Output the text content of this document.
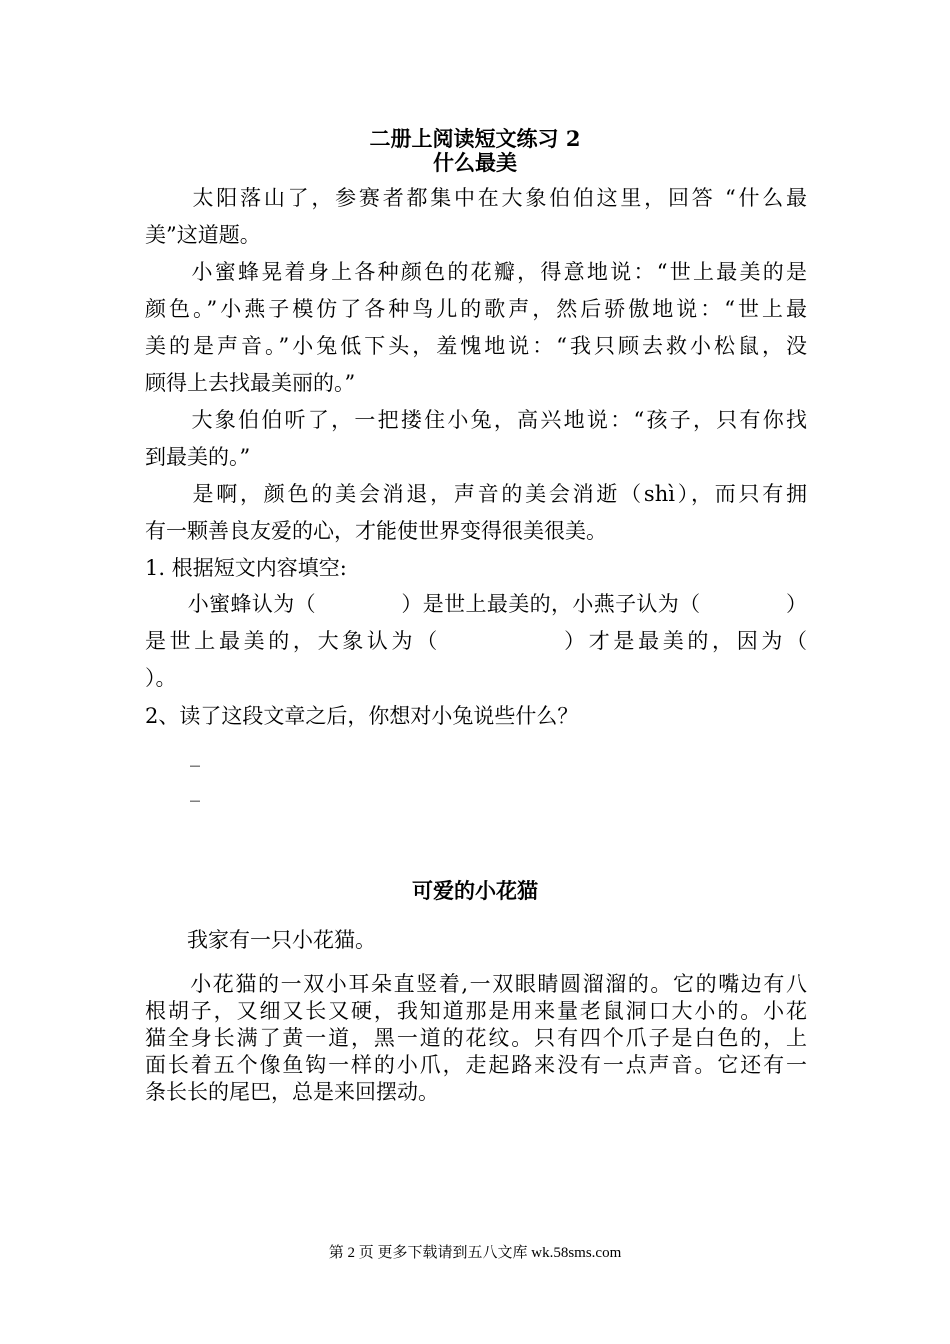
二册上阅读短文练习 2
什么最美
　　太阳落山了，参赛者都集中在大象伯伯这里，回答 “什么最
美”这道题。
　　小蜜蜂晃着身上各种颜色的花瓣，得意地说：“世上最美的是
颜色。”小燕子模仿了各种鸟儿的歌声，然后骄傲地说：“世上最
美的是声音。”小兔低下头，羞愧地说：“我只顾去救小松鼠，没
顾得上去找最美丽的。”
　　大象伯伯听了，一把搂住小兔，高兴地说：“孩子，只有你找
到最美的。”
　　是啊，颜色的美会消退，声音的美会消逝（shì），而只有拥
有一颗善良友爱的心，才能使世界变得很美很美。
1. 根据短文内容填空:
　　小蜜蜂认为（　　　　）是世上最美的，小燕子认为（　　　　）
是世上最美的，大象认为（　　　　　）才是最美的，因为（
）。
2、读了这段文章之后，你想对小兔说些什么？
_
_
可爱的小花猫
　　我家有一只小花猫。
　　小花猫的一双小耳朵直竖着,一双眼睛圆溜溜的。它的嘴边有八
根胡子，又细又长又硬，我知道那是用来量老鼠洞口大小的。小花
猫全身长满了黄一道，黑一道的花纹。只有四个爪子是白色的，上
面长着五个像鱼钩一样的小爪，走起路来没有一点声音。它还有一
条长长的尾巴，总是来回摆动。
第 2 页 更多下载请到五八文库 wk.58sms.com
